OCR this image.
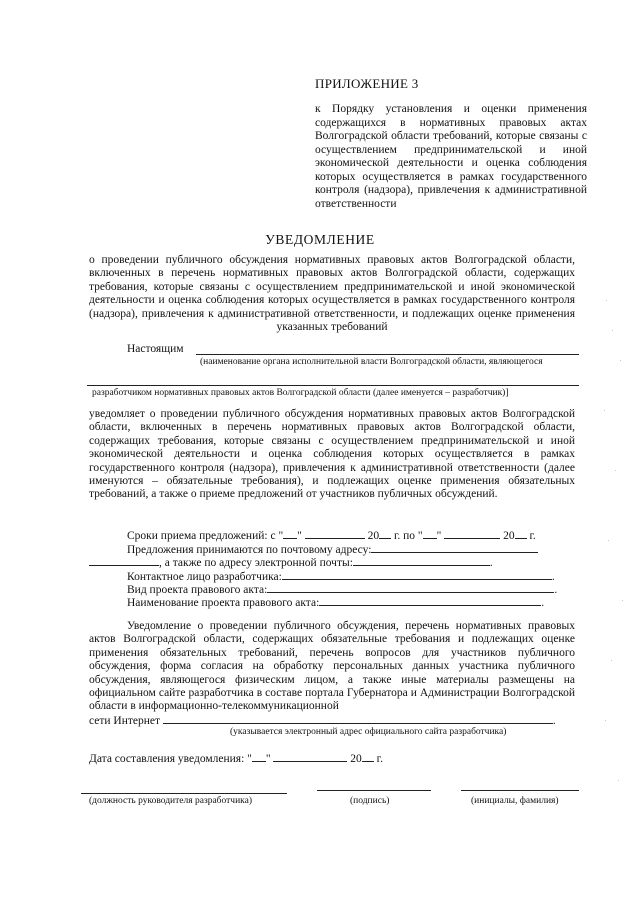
ПРИЛОЖЕНИЕ 3
к Порядку установления и оценки применения содержащихся в нормативных правовых актах Волгоградской области требований, которые связаны с осуществлением предпринимательской и иной экономической деятельности и оценка соблюдения которых осуществляется в рамках государственного контроля (надзора), привлечения к административной ответственности
УВЕДОМЛЕНИЕ
о проведении публичного обсуждения нормативных правовых актов Волгоградской области, включенных в перечень нормативных правовых актов Волгоградской области, содержащих требования, которые связаны с осуществлением предпринимательской и иной экономической деятельности и оценка соблюдения которых осуществляется в рамках государственного контроля (надзора), привлечения к административной ответственности, и подлежащих оценке применения указанных требований
Настоящим
(наименование органа исполнительной власти Волгоградской области, являющегося
разработчиком нормативных правовых актов Волгоградской области (далее именуется – разработчик)]
уведомляет о проведении публичного обсуждения нормативных правовых актов Волгоградской области, включенных в перечень нормативных правовых актов Волгоградской области, содержащих требования, которые связаны с осуществлением предпринимательской и иной экономической деятельности и оценка соблюдения которых осуществляется в рамках государственного контроля (надзора), привлечения к административной ответственности (далее именуются – обязательные требования), и подлежащих оценке применения обязательных требований, а также о приеме предложений от участников публичных обсуждений.
Сроки приема предложений: с " "	20 г. по " "	20 г.
Предложения принимаются по почтовому адресу:
, а также по адресу электронной почты:	.
Контактное лицо разработчика:	.
Вид проекта правового акта:	.
Наименование проекта правового акта:	.
Уведомление о проведении публичного обсуждения, перечень нормативных правовых актов Волгоградской области, содержащих обязательные требования и подлежащих оценке применения обязательных требований, перечень вопросов для участников публичного обсуждения, форма согласия на обработку персональных данных участника публичного обсуждения, являющегося физическим лицом, а также иные материалы размещены на официальном сайте разработчика в составе портала Губернатора и Администрации Волгоградской области в информационно-телекоммуникационной
сети Интернет	.
(указывается электронный адрес официального сайта разработчика)
Дата составления уведомления: " "	20 г.
(должность руководителя разработчика)	(подпись)	(инициалы, фамилия)
